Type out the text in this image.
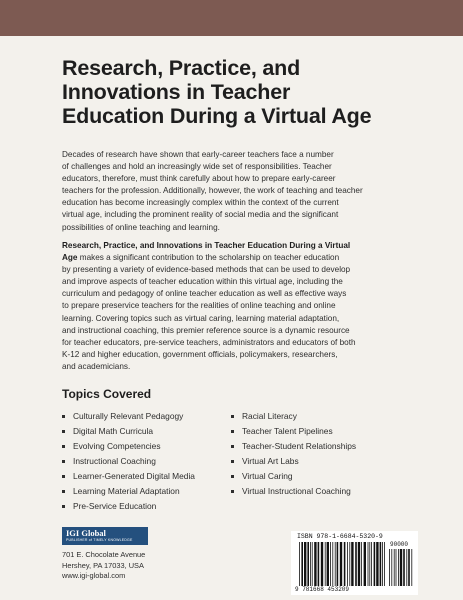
Research, Practice, and
Innovations in Teacher
Education During a Virtual Age
Decades of research have shown that early-career teachers face a number
of challenges and hold an increasingly wide set of responsibilities. Teacher
educators, therefore, must think carefully about how to prepare early-career
teachers for the profession. Additionally, however, the work of teaching and teacher
education has become increasingly complex within the context of the current
virtual age, including the prominent reality of social media and the significant
possibilities of online teaching and learning.
Research, Practice, and Innovations in Teacher Education During a Virtual
Age makes a significant contribution to the scholarship on teacher education
by presenting a variety of evidence-based methods that can be used to develop
and improve aspects of teacher education within this virtual age, including the
curriculum and pedagogy of online teacher education as well as effective ways
to prepare preservice teachers for the realities of online teaching and online
learning. Covering topics such as virtual caring, learning material adaptation,
and instructional coaching, this premier reference source is a dynamic resource
for teacher educators, pre-service teachers, administrators and educators of both
K-12 and higher education, government officials, policymakers, researchers,
and academicians.
Topics Covered
Culturally Relevant Pedagogy
Digital Math Curricula
Evolving Competencies
Instructional Coaching
Learner-Generated Digital Media
Learning Material Adaptation
Pre-Service Education
Racial Literacy
Teacher Talent Pipelines
Teacher-Student Relationships
Virtual Art Labs
Virtual Caring
Virtual Instructional Coaching
IGI Global
PUBLISHER of TIMELY KNOWLEDGE
701 E. Chocolate Avenue
Hershey, PA 17033, USA
www.igi-global.com
ISBN 978-1-6684-5320-9
90000
9 781668 453209
